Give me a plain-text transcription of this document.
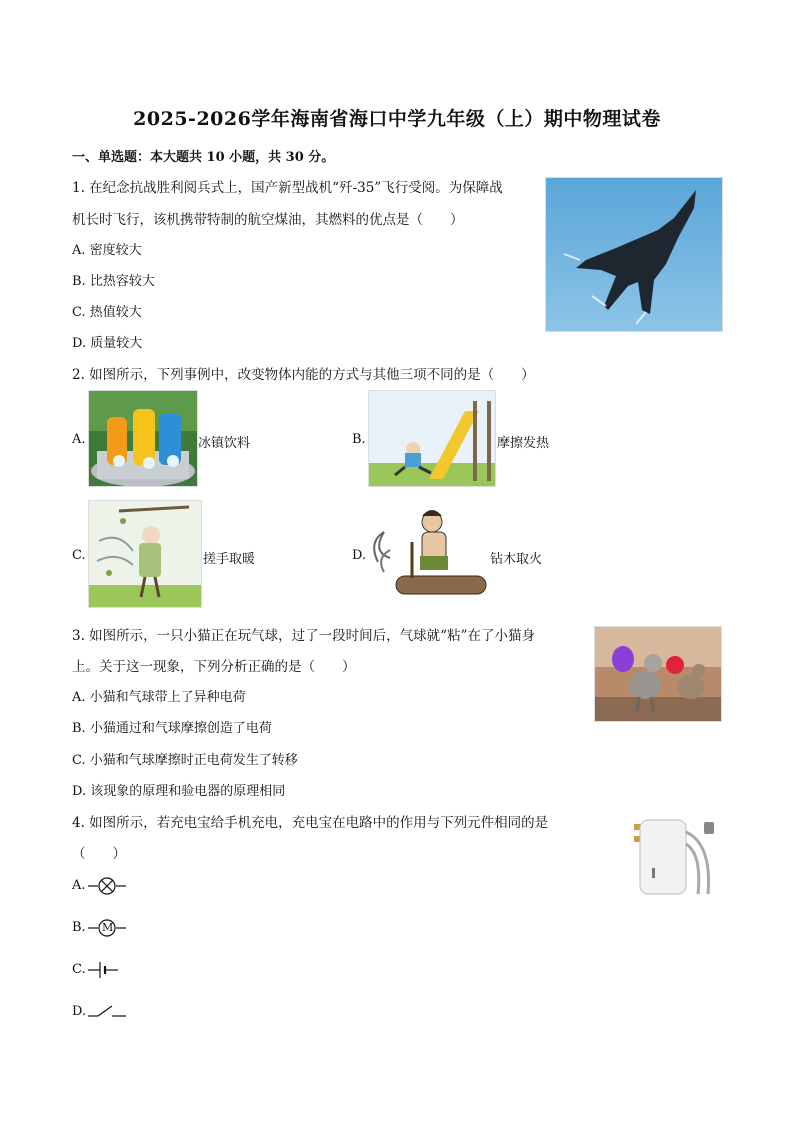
2025-2026学年海南省海口中学九年级（上）期中物理试卷
一、单选题：本大题共 10 小题，共 30 分。
1. 在纪念抗战胜利阅兵式上，国产新型战机“歼-35”飞行受阅。为保障战
机长时飞行，该机携带特制的航空煤油，其燃料的优点是（　　）
A. 密度较大
B. 比热容较大
C. 热值较大
D. 质量较大
2. 如图所示，下列事例中，改变物体内能的方式与其他三项不同的是（　　）
A.	冰镇饮料	B.	摩擦发热
C.	搓手取暖	D.	钻木取火
3. 如图所示，一只小猫正在玩气球，过了一段时间后，气球就“粘”在了小猫身
上。关于这一现象，下列分析正确的是（　　）
A. 小猫和气球带上了异种电荷
B. 小猫通过和气球摩擦创造了电荷
C. 小猫和气球摩擦时正电荷发生了转移
D. 该现象的原理和验电器的原理相同
4. 如图所示，若充电宝给手机充电，充电宝在电路中的作用与下列元件相同的是
（　　）
A.
B. M
C.
D.
